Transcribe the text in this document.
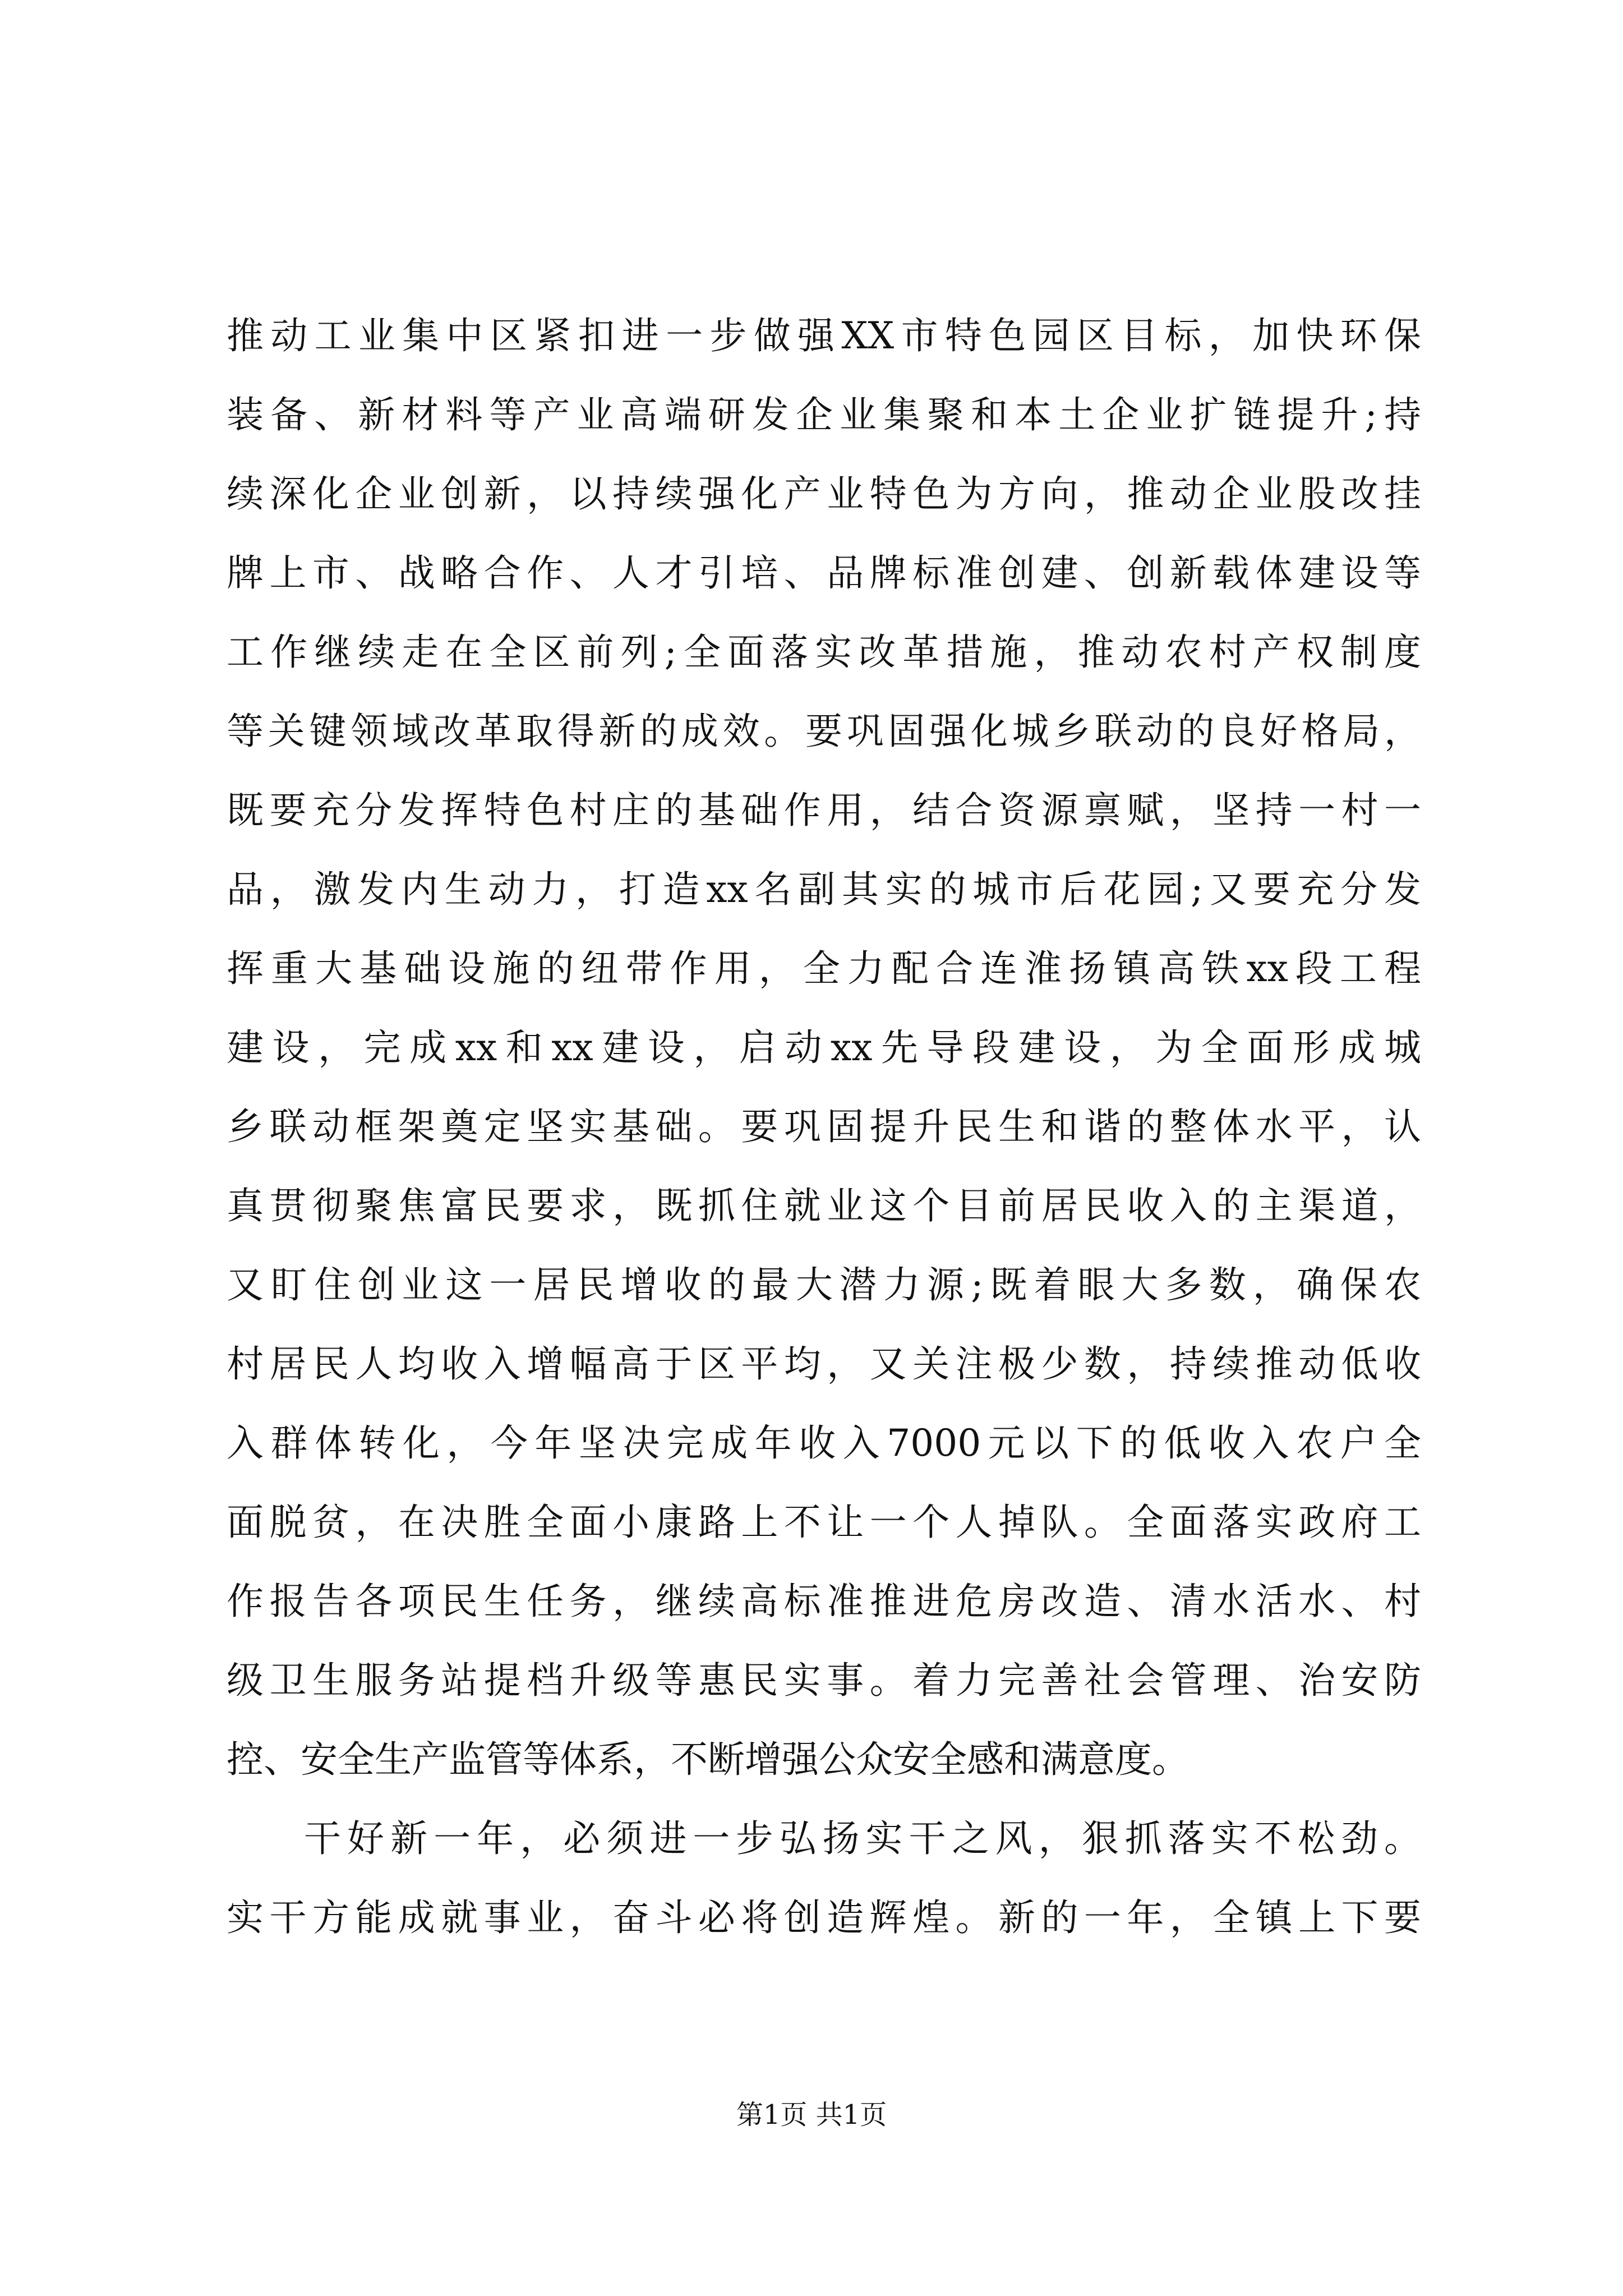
推动工业集中区紧扣进一步做强XX市特色园区目标，加快环保
装备、新材料等产业高端研发企业集聚和本土企业扩链提升;持
续深化企业创新，以持续强化产业特色为方向，推动企业股改挂
牌上市、战略合作、人才引培、品牌标准创建、创新载体建设等
工作继续走在全区前列;全面落实改革措施，推动农村产权制度
等关键领域改革取得新的成效。要巩固强化城乡联动的良好格局，
既要充分发挥特色村庄的基础作用，结合资源禀赋，坚持一村一
品，激发内生动力，打造xx名副其实的城市后花园;又要充分发
挥重大基础设施的纽带作用，全力配合连淮扬镇高铁xx段工程
建设，完成xx和xx建设，启动xx先导段建设，为全面形成城
乡联动框架奠定坚实基础。要巩固提升民生和谐的整体水平，认
真贯彻聚焦富民要求，既抓住就业这个目前居民收入的主渠道，
又盯住创业这一居民增收的最大潜力源;既着眼大多数，确保农
村居民人均收入增幅高于区平均，又关注极少数，持续推动低收
入群体转化，今年坚决完成年收入7000元以下的低收入农户全
面脱贫，在决胜全面小康路上不让一个人掉队。全面落实政府工
作报告各项民生任务，继续高标准推进危房改造、清水活水、村
级卫生服务站提档升级等惠民实事。着力完善社会管理、治安防
控、安全生产监管等体系，不断增强公众安全感和满意度。
干好新一年，必须进一步弘扬实干之风，狠抓落实不松劲。
实干方能成就事业，奋斗必将创造辉煌。新的一年，全镇上下要
第1页 共1页
